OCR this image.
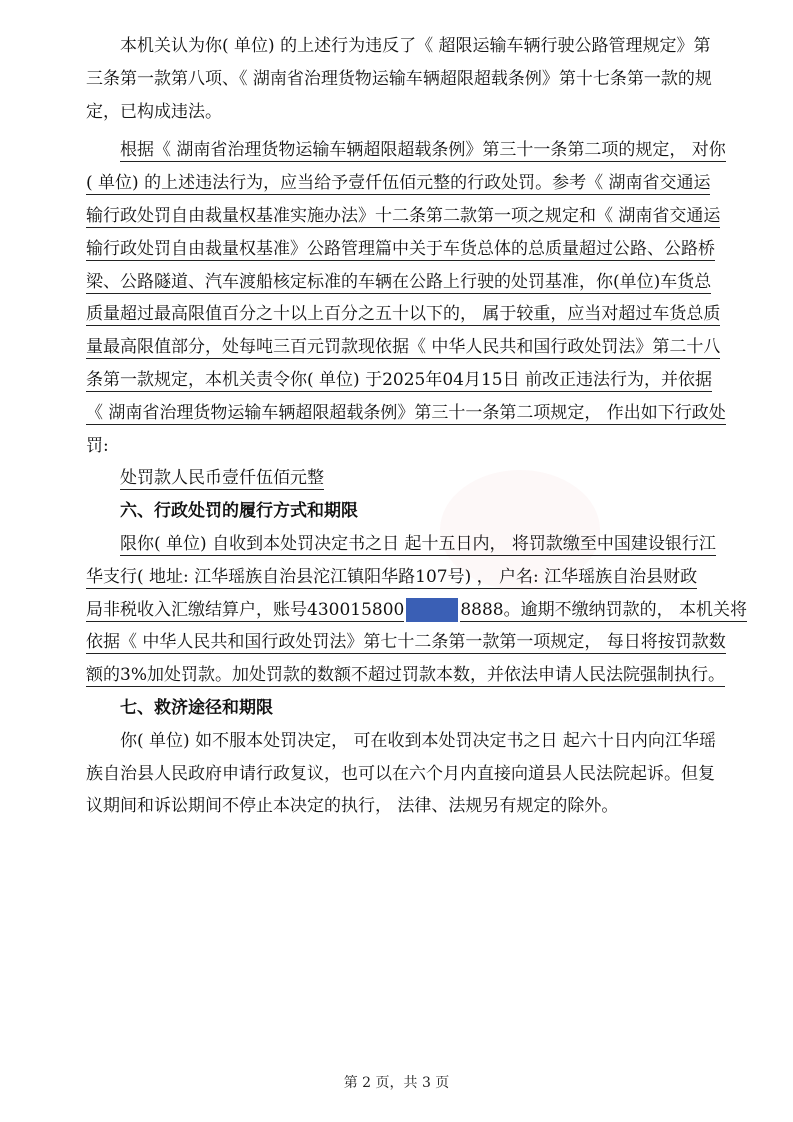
本机关认为你( 单位) 的上述行为违反了《 超限运输车辆行驶公路管理规定》第
三条第一款第八项、《 湖南省治理货物运输车辆超限超载条例》第十七条第一款的规
定，已构成违法。
根据《 湖南省治理货物运输车辆超限超载条例》第三十一条第二项的规定， 对你
( 单位) 的上述违法行为，应当给予壹仟伍佰元整的行政处罚。参考《 湖南省交通运
输行政处罚自由裁量权基准实施办法》十二条第二款第一项之规定和《 湖南省交通运
输行政处罚自由裁量权基准》公路管理篇中关于车货总体的总质量超过公路、公路桥
梁、公路隧道、汽车渡船核定标准的车辆在公路上行驶的处罚基准，你(单位)车货总
质量超过最高限值百分之十以上百分之五十以下的， 属于较重，应当对超过车货总质
量最高限值部分，处每吨三百元罚款现依据《 中华人民共和国行政处罚法》第二十八
条第一款规定，本机关责令你( 单位) 于2025年04月15日 前改正违法行为，并依据
《 湖南省治理货物运输车辆超限超载条例》第三十一条第二项规定， 作出如下行政处
罚:
处罚款人民币壹仟伍佰元整
六、行政处罚的履行方式和期限
限你( 单位) 自收到本处罚决定书之日 起十五日内， 将罚款缴至中国建设银行江
华支行( 地址: 江华瑶族自治县沱江镇阳华路107号) ， 户名: 江华瑶族自治县财政
局非税收入汇缴结算户，账号430015800	8888。逾期不缴纳罚款的， 本机关将
依据《 中华人民共和国行政处罚法》第七十二条第一款第一项规定， 每日将按罚款数
额的3%加处罚款。加处罚款的数额不超过罚款本数，并依法申请人民法院强制执行。
七、救济途径和期限
你( 单位) 如不服本处罚决定， 可在收到本处罚决定书之日 起六十日内向江华瑶
族自治县人民政府申请行政复议，也可以在六个月内直接向道县人民法院起诉。但复
议期间和诉讼期间不停止本决定的执行， 法律、法规另有规定的除外。
第 2 页，共 3 页
